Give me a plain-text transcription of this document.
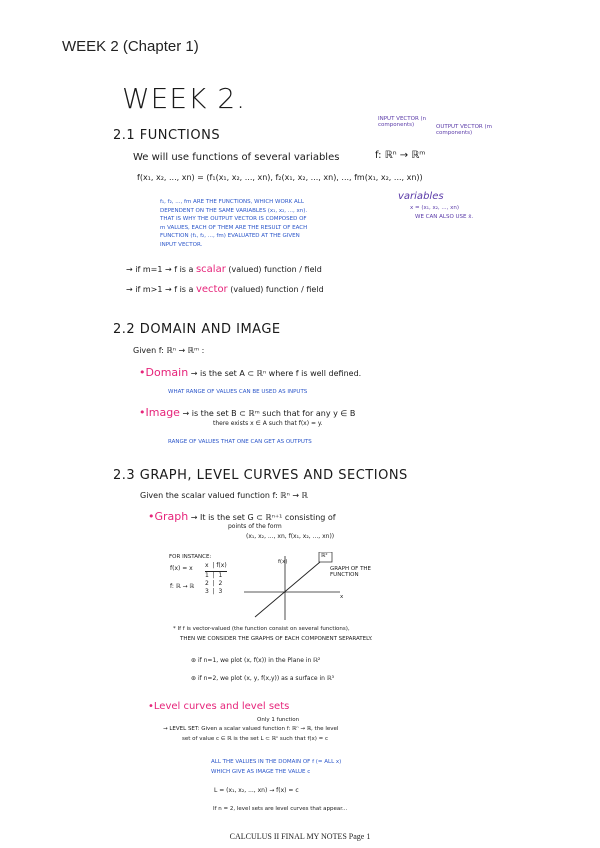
WEEK 2 (Chapter 1)
WEEK 2.
2.1 FUNCTIONS
INPUT VECTOR (n components)	OUTPUT VECTOR (m components)
We will use functions of several variables	f: ℝⁿ → ℝᵐ
f(x₁, x₂, ..., xn) = (f₁(x₁, x₂, ..., xn), f₂(x₁, x₂, ..., xn), ..., fm(x₁, x₂, ..., xn))
f₁, f₂, ..., fm ARE THE FUNCTIONS, WHICH WORK ALL
DEPENDENT ON THE SAME VARIABLES (x₁, x₂, ..., xn).
THAT IS WHY THE OUTPUT VECTOR IS COMPOSED OF
m VALUES, EACH OF THEM ARE THE RESULT OF EACH
FUNCTION (f₁, f₂, ..., fm) EVALUATED AT THE GIVEN
INPUT VECTOR.
variables
x = (x₁, x₂, ..., xn)
WE CAN ALSO USE x̄.
→ if m=1 → f is a scalar (valued) function / field
→ if m>1 → f is a vector (valued) function / field
2.2 DOMAIN AND IMAGE
Given f: ℝⁿ → ℝᵐ :
•Domain → is the set A ⊂ ℝⁿ where f is well defined.
WHAT RANGE OF VALUES CAN BE USED AS INPUTS
•Image → is the set B ⊂ ℝᵐ such that for any y ∈ B
there exists x ∈ A such that f(x) = y.
RANGE OF VALUES THAT ONE CAN GET AS OUTPUTS
2.3 GRAPH, LEVEL CURVES AND SECTIONS
Given the scalar valued function f: ℝⁿ → ℝ
•Graph → It is the set G ⊂ ℝⁿ⁺¹ consisting of
points of the form
(x₁, x₂, ..., xn, f(x₁, x₂, ..., xn))
FOR INSTANCE:
f(x) = x
f: ℝ → ℝ
x  | f(x)
1  |  1
2  |  2
3  |  3
f(x)
x
ℝ²
GRAPH OF THE FUNCTION
* If f is vector-valued (the function consist on several functions),
THEN WE CONSIDER THE GRAPHS OF EACH COMPONENT SEPARATELY.
⊛ if n=1, we plot (x, f(x)) in the Plane in ℝ²
⊛ if n=2, we plot (x, y, f(x,y)) as a surface in ℝ³
•Level curves and level sets
Only 1 function
→ LEVEL SET: Given a scalar valued function f: ℝⁿ → ℝ, the level
set of value c ∈ ℝ is the set L ⊂ ℝⁿ such that f(x) = c
ALL THE VALUES IN THE DOMAIN OF f (= ALL x)
WHICH GIVE AS IMAGE THE VALUE c
L = (x₁, x₂, ..., xn) → f(x) = c
If n = 2, level sets are level curves that appear...
CALCULUS II FINAL MY NOTES Page 1
